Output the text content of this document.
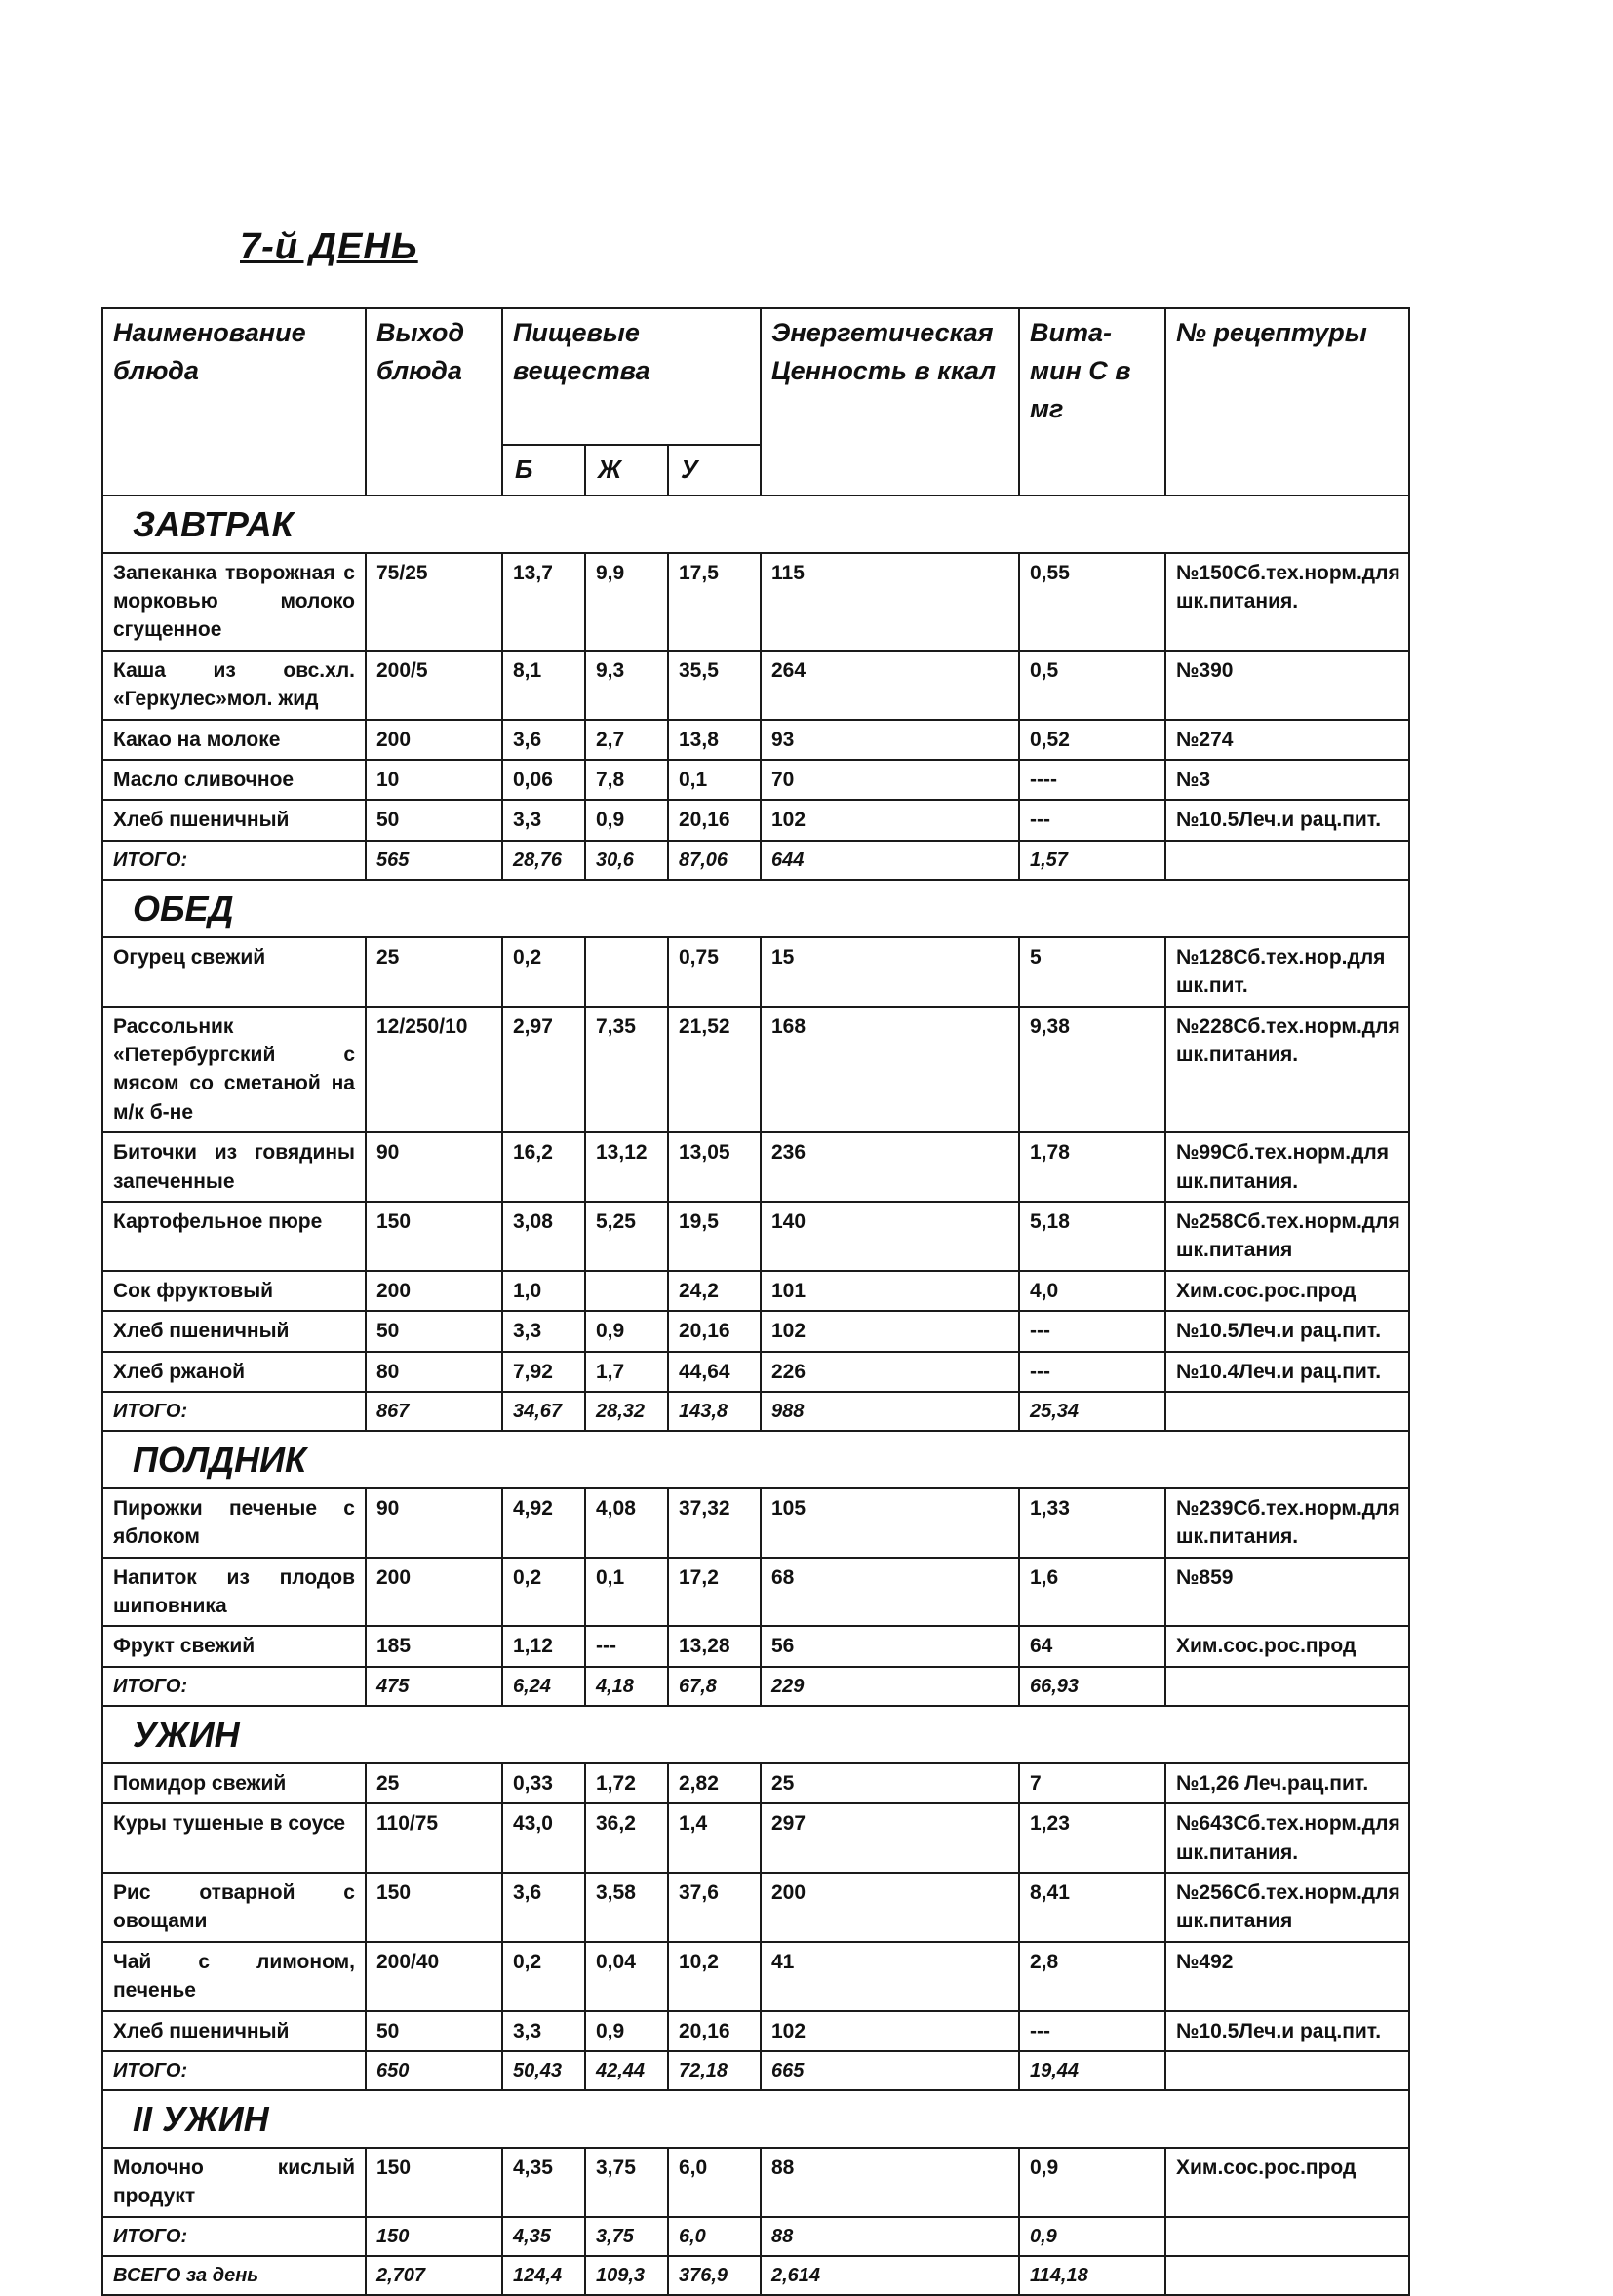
7-й ДЕНЬ
Наименование блюда	Выход блюда	Пищевые вещества			Энергетическая Ценность в ккал	Вита-мин С в мг	№ рецептуры
		Б	Ж	У			
ЗАВТРАК							
Запеканка творожная с морковью молоко сгущенное	75/25	13,7	9,9	17,5	115	0,55	№150Сб.тех.норм.для шк.питания.
Каша из овс.хл. «Геркулес»мол. жид	200/5	8,1	9,3	35,5	264	0,5	№390
Какао на молоке	200	3,6	2,7	13,8	93	0,52	№274
Масло сливочное	10	0,06	7,8	0,1	70	----	№3
Хлеб пшеничный	50	3,3	0,9	20,16	102	---	№10.5Леч.и рац.пит.
ИТОГО:	565	28,76	30,6	87,06	644	1,57	
ОБЕД							
Огурец свежий	25	0,2		0,75	15	5	№128Сб.тех.нор.для шк.пит.
Рассольник «Петербургский с мясом со сметаной на м/к б-не	12/250/10	2,97	7,35	21,52	168	9,38	№228Сб.тех.норм.для шк.питания.
Биточки из говядины запеченные	90	16,2	13,12	13,05	236	1,78	№99Сб.тех.норм.для шк.питания.
Картофельное пюре	150	3,08	5,25	19,5	140	5,18	№258Сб.тех.норм.для шк.питания
Сок фруктовый	200	1,0		24,2	101	4,0	Хим.сос.рос.прод
Хлеб пшеничный	50	3,3	0,9	20,16	102	---	№10.5Леч.и рац.пит.
Хлеб ржаной	80	7,92	1,7	44,64	226	---	№10.4Леч.и рац.пит.
ИТОГО:	867	34,67	28,32	143,8	988	25,34	
ПОЛДНИК							
Пирожки печеные с яблоком	90	4,92	4,08	37,32	105	1,33	№239Сб.тех.норм.для шк.питания.
Напиток из плодов шиповника	200	0,2	0,1	17,2	68	1,6	№859
Фрукт свежий	185	1,12	---	13,28	56	64	Хим.сос.рос.прод
ИТОГО:	475	6,24	4,18	67,8	229	66,93	
УЖИН							
Помидор свежий	25	0,33	1,72	2,82	25	7	№1,26 Леч.рац.пит.
Куры тушеные в соусе	110/75	43,0	36,2	1,4	297	1,23	№643Сб.тех.норм.для шк.питания.
Рис отварной с овощами	150	3,6	3,58	37,6	200	8,41	№256Сб.тех.норм.для шк.питания
Чай с лимоном, печенье	200/40	0,2	0,04	10,2	41	2,8	№492
Хлеб пшеничный	50	3,3	0,9	20,16	102	---	№10.5Леч.и рац.пит.
ИТОГО:	650	50,43	42,44	72,18	665	19,44	
II УЖИН							
Молочно кислый продукт	150	4,35	3,75	6,0	88	0,9	Хим.сос.рос.прод
ИТОГО:	150	4,35	3,75	6,0	88	0,9	
ВСЕГО за день	2,707	124,4	109,3	376,9	2,614	114,18	
